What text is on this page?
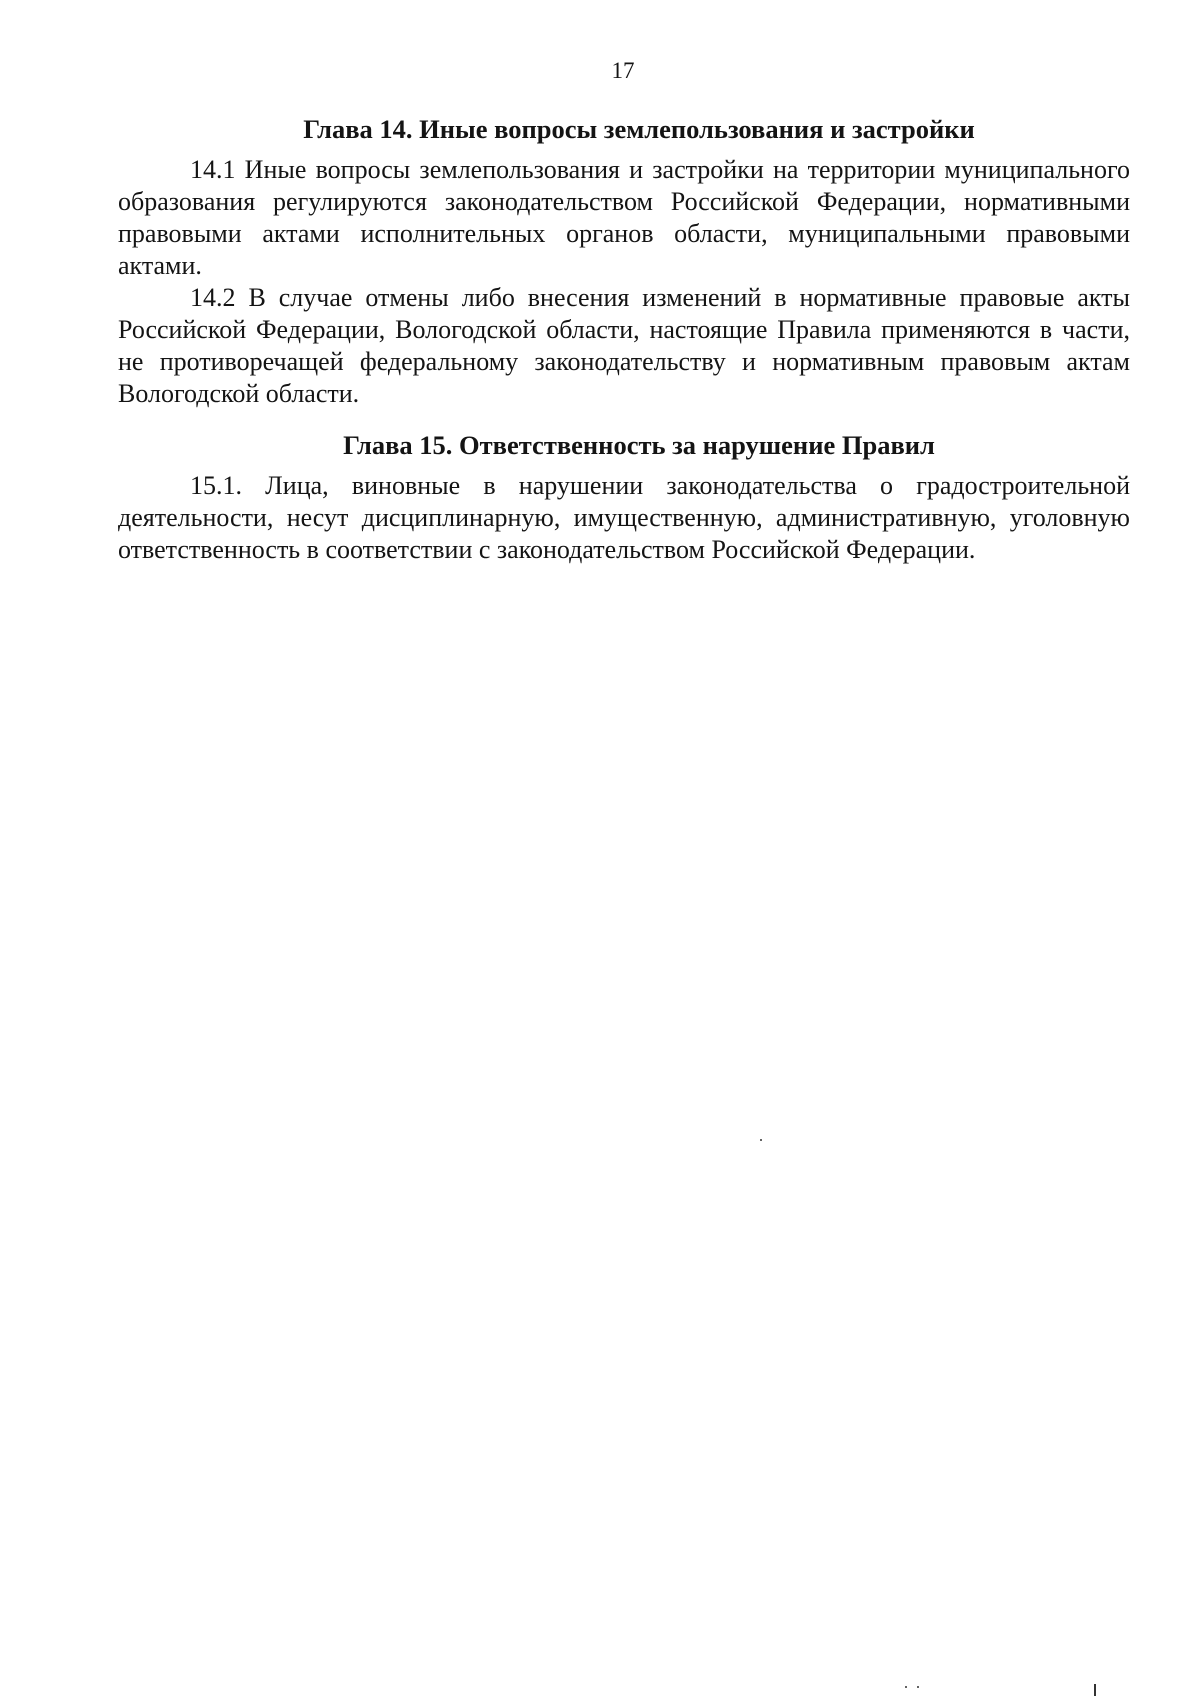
17
Глава 14. Иные вопросы землепользования и застройки

14.1 Иные вопросы землепользования и застройки на территории муниципального образования регулируются законодательством Российской Федерации, нормативными правовыми актами исполнительных органов области, муниципальными правовыми актами.

14.2 В случае отмены либо внесения изменений в нормативные правовые акты Российской Федерации, Вологодской области, настоящие Правила применяются в части, не противоречащей федеральному законодательству и нормативным правовым актам Вологодской области.

Глава 15. Ответственность за нарушение Правил

15.1. Лица, виновные в нарушении законодательства о градостроительной деятельности, несут дисциплинарную, имущественную, административную, уголовную ответственность в соответствии с законодательством Российской Федерации.
